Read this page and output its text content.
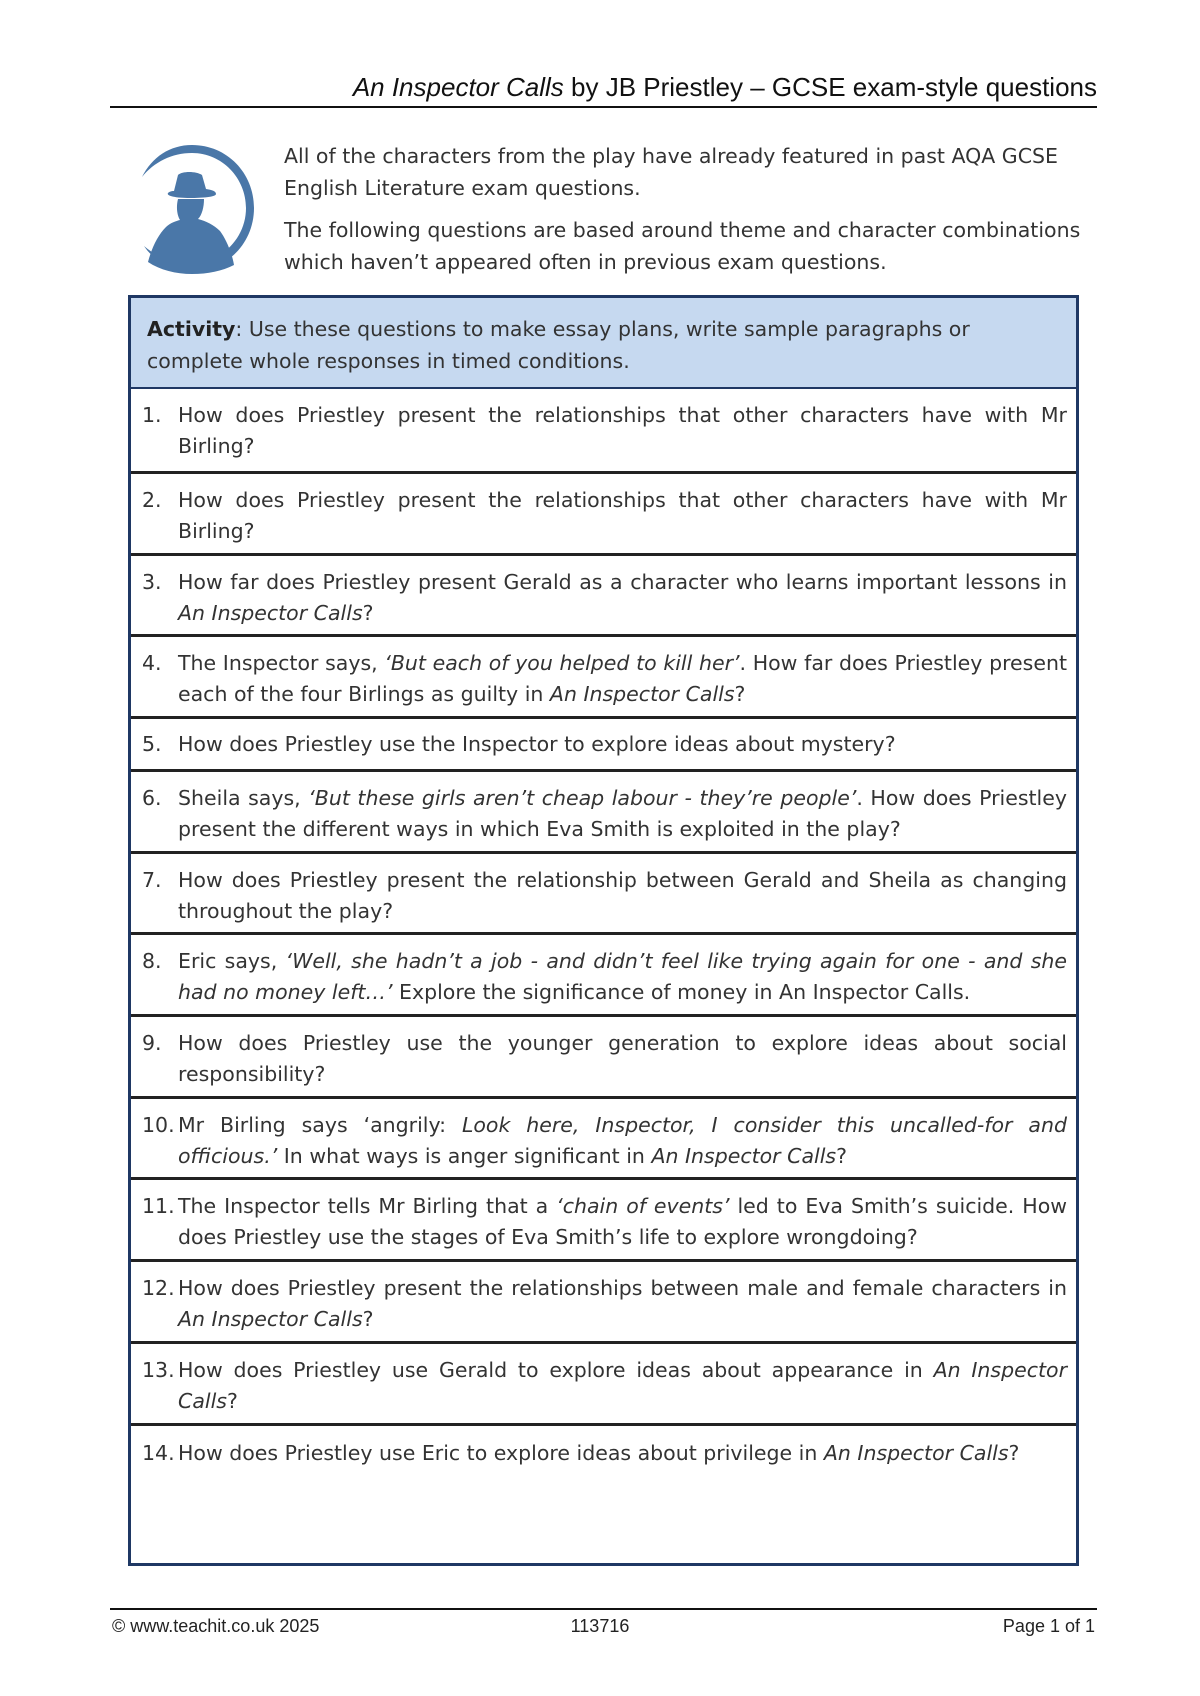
An Inspector Calls by JB Priestley – GCSE exam-style questions

All of the characters from the play have already featured in past AQA GCSE English Literature exam questions.

The following questions are based around theme and character combinations which haven’t appeared often in previous exam questions.

Activity: Use these questions to make essay plans, write sample paragraphs or complete whole responses in timed conditions.
1. How does Priestley present the relationships that other characters have with Mr Birling?
2. How does Priestley present the relationships that other characters have with Mr Birling?
3. How far does Priestley present Gerald as a character who learns important lessons in An Inspector Calls?
4. The Inspector says, ‘But each of you helped to kill her’. How far does Priestley present each of the four Birlings as guilty in An Inspector Calls?
5. How does Priestley use the Inspector to explore ideas about mystery?
6. Sheila says, ‘But these girls aren’t cheap labour - they’re people’. How does Priestley present the different ways in which Eva Smith is exploited in the play?
7. How does Priestley present the relationship between Gerald and Sheila as changing throughout the play?
8. Eric says, ‘Well, she hadn’t a job - and didn’t feel like trying again for one - and she had no money left…’ Explore the significance of money in An Inspector Calls.
9. How does Priestley use the younger generation to explore ideas about social responsibility?
10. Mr Birling says ‘angrily: Look here, Inspector, I consider this uncalled-for and officious.’ In what ways is anger significant in An Inspector Calls?
11. The Inspector tells Mr Birling that a ‘chain of events’ led to Eva Smith’s suicide. How does Priestley use the stages of Eva Smith’s life to explore wrongdoing?
12. How does Priestley present the relationships between male and female characters in An Inspector Calls?
13. How does Priestley use Gerald to explore ideas about appearance in An Inspector Calls?
14. How does Priestley use Eric to explore ideas about privilege in An Inspector Calls?
© www.teachit.co.uk 2025	113716	Page 1 of 1
